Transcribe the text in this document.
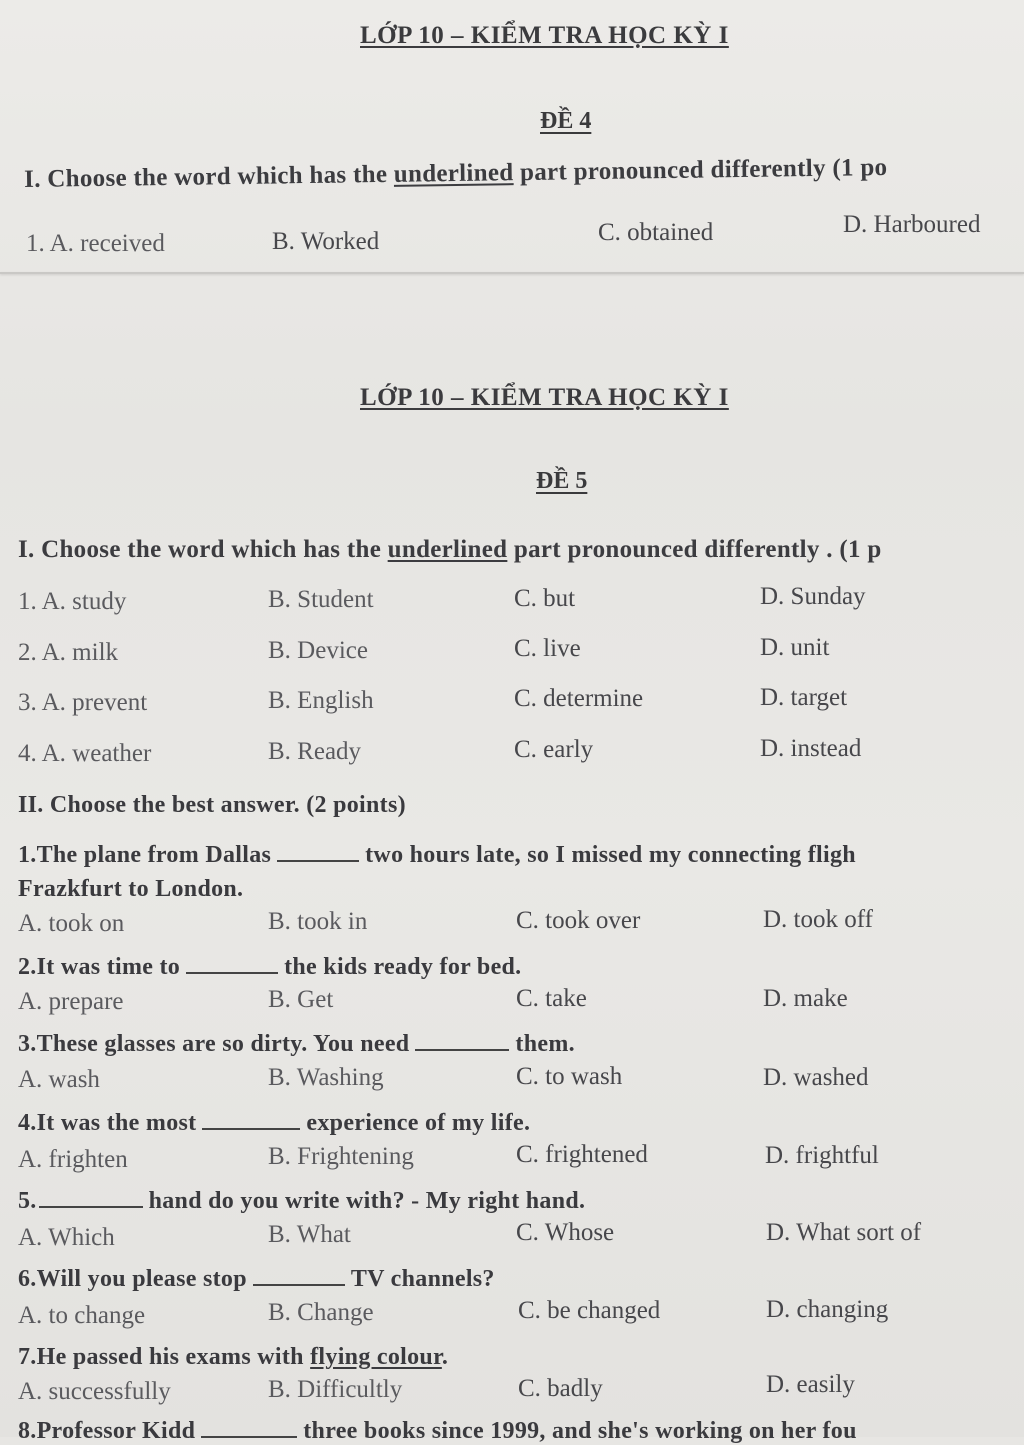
LỚP 10 – KIỂM TRA HỌC KỲ I
ĐỀ 4
I. Choose the word which has the underlined part pronounced differently (1 po
1. A. received	B. Worked	C. obtained	D. Harboured
LỚP 10 – KIỂM TRA HỌC KỲ I
ĐỀ 5
I. Choose the word which has the underlined part pronounced differently . (1 p
1. A. study	B. Student	C. but	D. Sunday
2. A. milk	B. Device	C. live	D. unit
3. A. prevent	B. English	C. determine	D. target
4. A. weather	B. Ready	C. early	D. instead
II. Choose the best answer. (2 points)
1.The plane from Dallas	two hours late, so I missed my connecting fligh
Frazkfurt to London.
A. took on	B. took in	C. took over	D. took off
2.It was time to	the kids ready for bed.
A. prepare	B. Get	C. take	D. make
3.These glasses are so dirty. You need	them.
A. wash	B. Washing	C. to wash	D. washed
4.It was the most	experience of my life.
A. frighten	B. Frightening	C. frightened	D. frightful
5.	hand do you write with? - My right hand.
A. Which	B. What	C. Whose	D. What sort of
6.Will you please stop	TV channels?
A. to change	B. Change	C. be changed	D. changing
7.He passed his exams with flying colour.
A. successfully	B. Difficultly	C. badly	D. easily
8.Professor Kidd	three books since 1999, and she's working on her fou
